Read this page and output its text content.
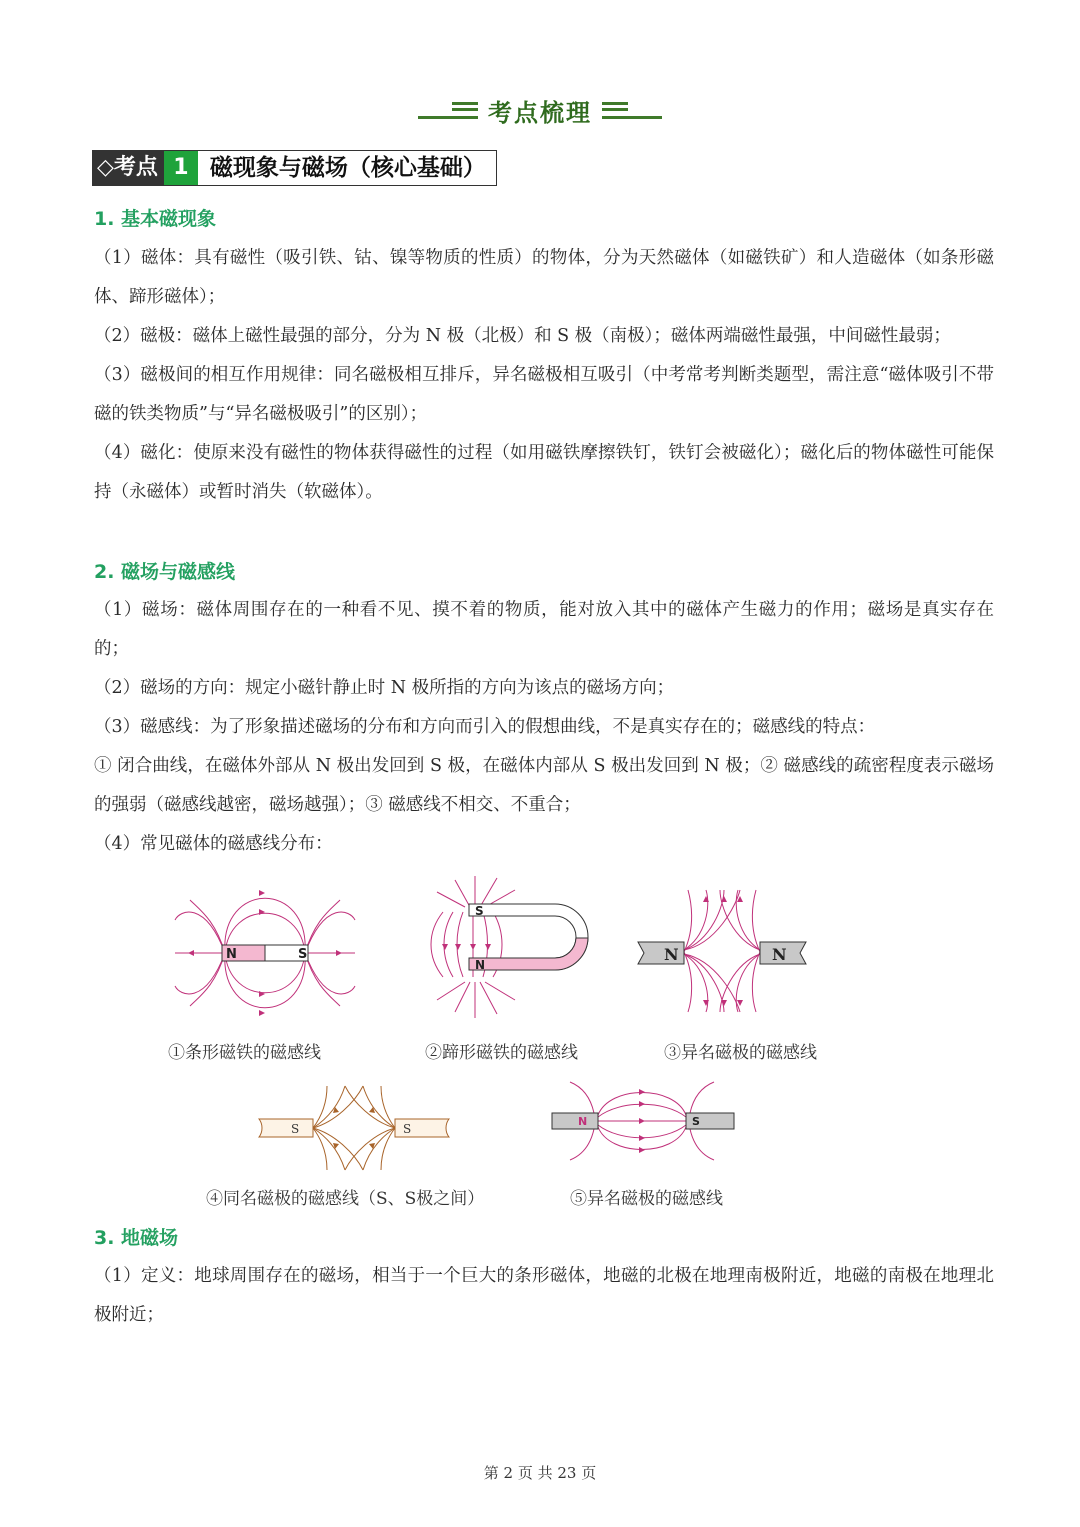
考点梳理
◇考点 1 磁现象与磁场（核心基础）
1. 基本磁现象

（1）磁体：具有磁性（吸引铁、钴、镍等物质的性质）的物体，分为天然磁体（如磁铁矿）和人造磁体（如条形磁体、蹄形磁体）；

（2）磁极：磁体上磁性最强的部分，分为 N 极（北极）和 S 极（南极）；磁体两端磁性最强，中间磁性最弱；

（3）磁极间的相互作用规律：同名磁极相互排斥，异名磁极相互吸引（中考常考判断类题型，需注意“磁体吸引不带磁的铁类物质”与“异名磁极吸引”的区别）；

（4）磁化：使原来没有磁性的物体获得磁性的过程（如用磁铁摩擦铁钉，铁钉会被磁化）；磁化后的物体磁性可能保持（永磁体）或暂时消失（软磁体）。

2. 磁场与磁感线

（1）磁场：磁体周围存在的一种看不见、摸不着的物质，能对放入其中的磁体产生磁力的作用；磁场是真实存在的；

（2）磁场的方向：规定小磁针静止时 N 极所指的方向为该点的磁场方向；

（3）磁感线：为了形象描述磁场的分布和方向而引入的假想曲线，不是真实存在的；磁感线的特点：

① 闭合曲线，在磁体外部从 N 极出发回到 S 极，在磁体内部从 S 极出发回到 N 极；② 磁感线的疏密程度表示磁场的强弱（磁感线越密，磁场越强）；③ 磁感线不相交、不重合；

（4）常见磁体的磁感线分布：

N	S
①条形磁铁的磁感线
S
N
②蹄形磁铁的磁感线
N	N
③异名磁极的磁感线
S	S
④同名磁极的磁感线（S、S极之间）
N	S
⑤异名磁极的磁感线
3. 地磁场

（1）定义：地球周围存在的磁场，相当于一个巨大的条形磁体，地磁的北极在地理南极附近，地磁的南极在地理北极附近；

第 2 页 共 23 页
